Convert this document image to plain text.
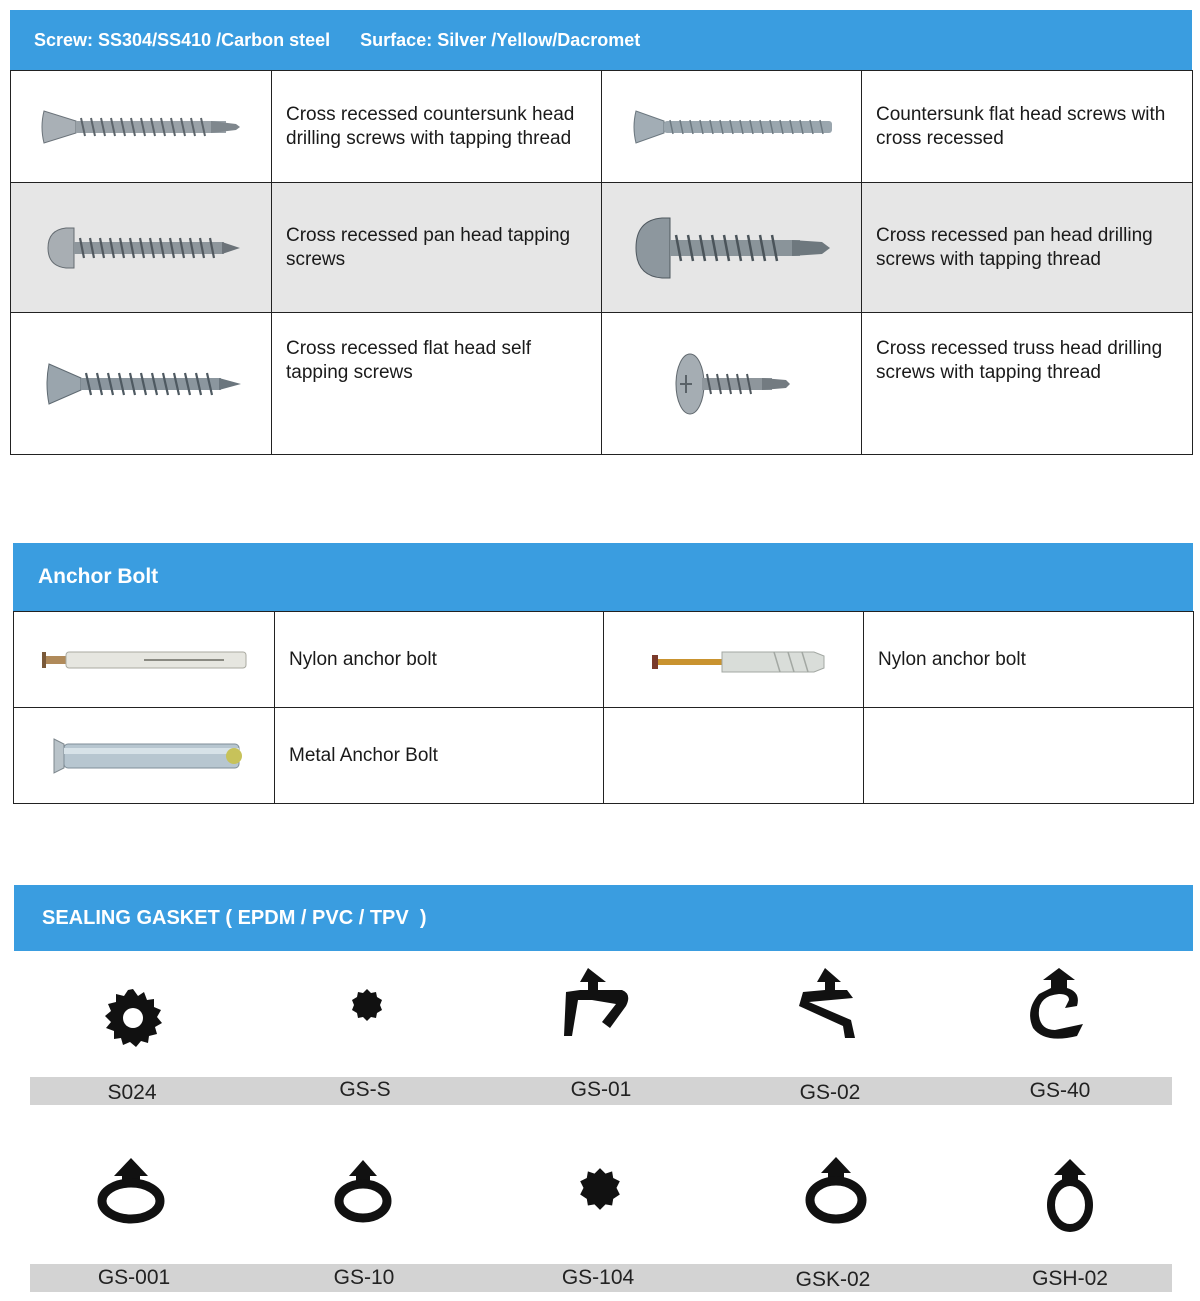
Screw: SS304/SS410 /Carbon steel
Surface: Silver /Yellow/Dacromet
	Cross recessed countersunk head drilling screws with tapping thread		Countersunk flat head screws with cross recessed

	Cross recessed pan head tapping screws		Cross recessed pan head drilling screws with tapping thread

	Cross recessed flat head self tapping screws		Cross recessed truss head drilling screws with tapping thread
Anchor Bolt
	Nylon anchor bolt		Nylon anchor bolt

	Metal Anchor Bolt		
SEALING GASKET ( EPDM / PVC / TPV  )
S024	GS-S	GS-01	GS-02	GS-40
GS-001	GS-10	GS-104	GSK-02	GSH-02
